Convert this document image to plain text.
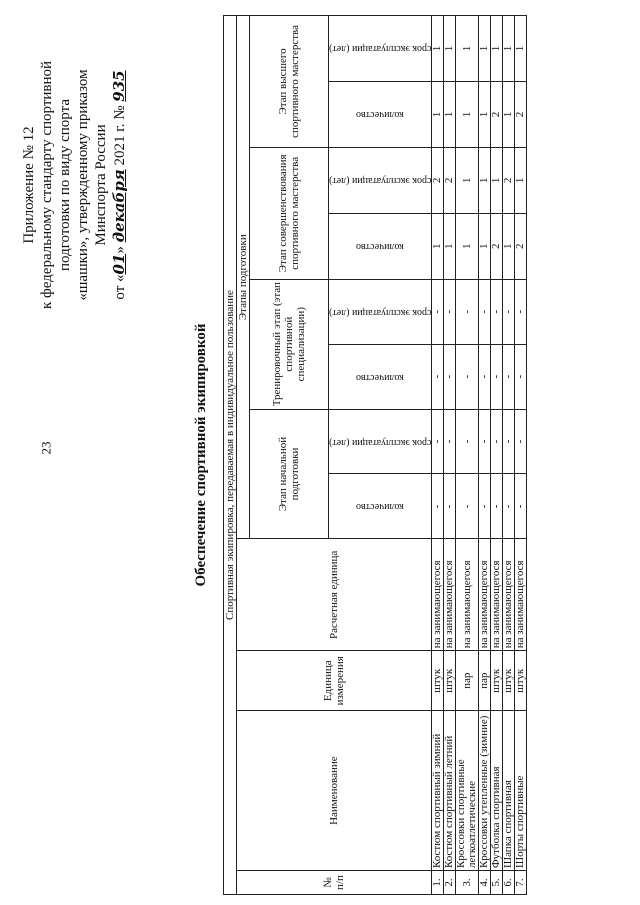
23
Приложение № 12 к федеральному стандарту спортивной подготовки по виду спорта «шашки», утвержденному приказом Минспорта России
от «01» декабря 2021 г. № 935
Обеспечение спортивной экипировкой Спортивная экипировка, передаваемая в индивидуальное пользование											
№ п/п	Наименование	Единица измерения	Расчетная единица	Этапы подготовки							
				Этап начальной подготовки		Тренировочный этап (этап спортивной специализации)		Этап совершенствования спортивного мастерства		Этап высшего спортивного мастерства	

				количество	срок эксплуатации (лет)	количество	срок эксплуатации (лет)	количество	срок эксплуатации (лет)	количество	срок эксплуатации (лет)

1.	Костюм спортивный зимний	штук	на занимающегося	-	-	-	-	1	2	1	1
2.	Костюм спортивный летний	штук	на занимающегося	-	-	-	-	1	2	1	1
3.	Кроссовки спортивные легкоатлетические	пар	на занимающегося	-	-	-	-	1	1	1	1
4.	Кроссовки утепленные (зимние)	пар	на занимающегося	-	-	-	-	1	1	1	1
5.	Футболка спортивная	штук	на занимающегося	-	-	-	-	2	1	2	1
6.	Шапка спортивная	штук	на занимающегося	-	-	-	-	1	2	1	1
7.	Шорты спортивные	штук	на занимающегося	-	-	-	-	2	1	2	1
